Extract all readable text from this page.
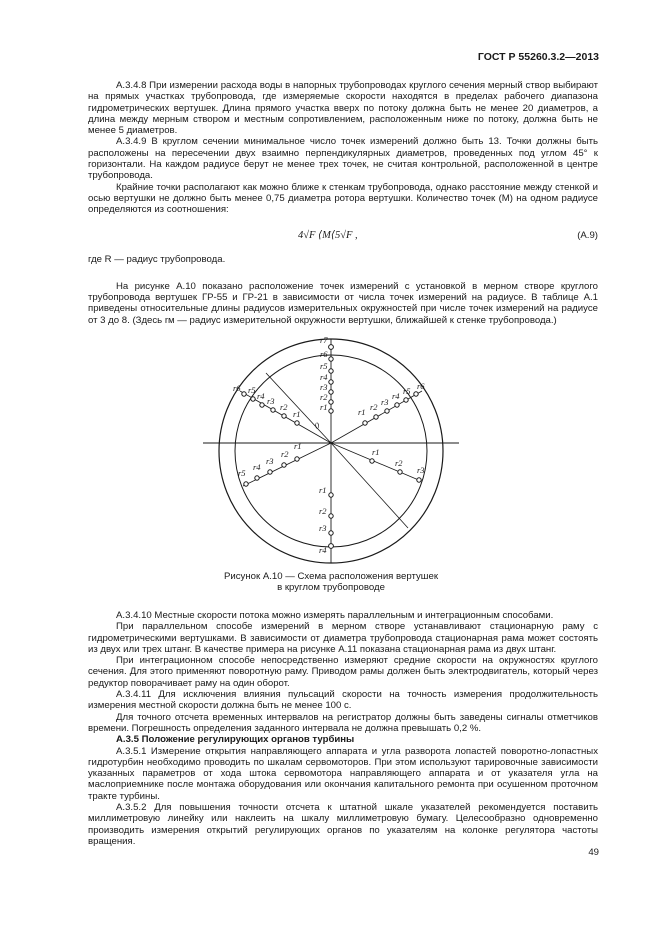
ГОСТ Р 55260.3.2—2013

А.3.4.8 При измерении расхода воды в напорных трубопроводах круглого сечения мерный створ выбирают на прямых участках трубопровода, где измеряемые скорости находятся в пределах рабочего диапазона гидрометрических вертушек. Длина прямого участка вверх по потоку должна быть не менее 20 диаметров, а длина между мерным створом и местным сопротивлением, расположенным ниже по потоку, должна быть не менее 5 диаметров.

А.3.4.9 В круглом сечении минимальное число точек измерений должно быть 13. Точки должны быть расположены на пересечении двух взаимно перпендикулярных диаметров, проведенных под углом 45° к горизонтали. На каждом радиусе берут не менее трех точек, не считая контрольной, расположенной в центре трубопровода.

Крайние точки располагают как можно ближе к стенкам трубопровода, однако расстояние между стенкой и осью вертушки не должно быть менее 0,75 диаметра ротора вертушки. Количество точек (М) на одном радиусе определяются из соотношения:

4√F ⟨М⟨5√F ,	(А.9)

где R — радиус трубопровода.

На рисунке А.10 показано расположение точек измерений с установкой в мерном створе круглого трубопровода вертушек ГР-55 и ГР-21 в зависимости от числа точек измерений на радиусе. В таблице А.1 приведены относительные длины радиусов измерительных окружностей при числе точек измерений на радиусе от 3 до 8. (Здесь rм — радиус измерительной окружности вертушки, ближайшей к стенке трубопровода.)

r7
r6
r5
r4
r3
r2
r1
0
r6 r5
r4 r3
r2
r1	r1 r2 r3
r4 r5 r6
r5
r4
r3
r2
r1
r1
r2
r3
r1
r2
r3
r4
Рисунок А.10 — Схема расположения вертушек
в круглом трубопроводе

А.3.4.10 Местные скорости потока можно измерять параллельным и интеграционным способами.

При параллельном способе измерений в мерном створе устанавливают стационарную раму с гидрометрическими вертушками. В зависимости от диаметра трубопровода стационарная рама может состоять из двух или трех штанг. В качестве примера на рисунке А.11 показана стационарная рама из двух штанг.

При интеграционном способе непосредственно измеряют средние скорости на окружностях круглого сечения. Для этого применяют поворотную раму. Приводом рамы должен быть электродвигатель, который через редуктор поворачивает раму на один оборот.

А.3.4.11 Для исключения влияния пульсаций скорости на точность измерения продолжительность измерения местной скорости должна быть не менее 100 с.

Для точного отсчета временных интервалов на регистратор должны быть заведены сигналы отметчиков времени. Погрешность определения заданного интервала не должна превышать 0,2 %.

А.3.5 Положение регулирующих органов турбины

А.3.5.1 Измерение открытия направляющего аппарата и угла разворота лопастей поворотно-лопастных гидротурбин необходимо проводить по шкалам сервомоторов. При этом используют тарировочные зависимости указанных параметров от хода штока сервомотора направляющего аппарата и от указателя угла на маслоприемнике после монтажа оборудования или окончания капитального ремонта при осушенном проточном тракте турбины.

А.3.5.2 Для повышения точности отсчета к штатной шкале указателей рекомендуется поставить миллиметровую линейку или наклеить на шкалу миллиметровую бумагу. Целесообразно одновременно производить измерения открытий регулирующих органов по указателям на колонке регулятора частоты вращения.

49
